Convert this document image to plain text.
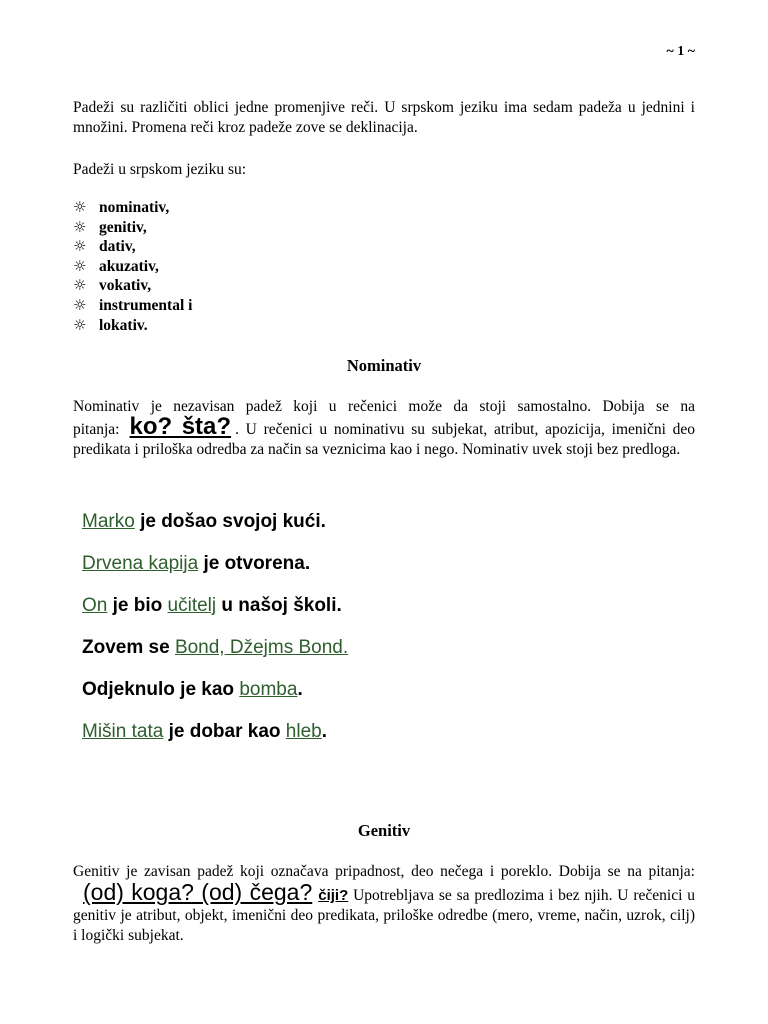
~ 1 ~

Padeži su različiti oblici jedne promenjive reči. U srpskom jeziku ima sedam padeža u jednini i množini. Promena reči kroz padeže zove se deklinacija.

Padeži u srpskom jeziku su:

☼ nominativ,
☼ genitiv,
☼ dativ,
☼ akuzativ,
☼ vokativ,
☼ instrumental i
☼ lokativ.
Nominativ

Nominativ je nezavisan padež koji u rečenici može da stoji samostalno. Dobija se na pitanja: ko? šta? . U rečenici u nominativu su subjekat, atribut, apozicija, imenični deo predikata i priloška odredba za način sa veznicima kao i nego. Nominativ uvek stoji bez predloga.

Marko je došao svojoj kući.
Drvena kapija je otvorena.
On je bio učitelj u našoj školi.
Zovem se Bond, Džejms Bond.
Odjeknulo je kao bomba.
Mišin tata je dobar kao hleb.
Genitiv

Genitiv je zavisan padež koji označava pripadnost, deo nečega i poreklo. Dobija se na pitanja:(od) koga? (od) čega? čiji? Upotrebljava se sa predlozima i bez njih. U rečenici u genitiv je atribut, objekt, imenični deo predikata, priloške odredbe (mero, vreme, način, uzrok, cilj) i logički subjekat.
